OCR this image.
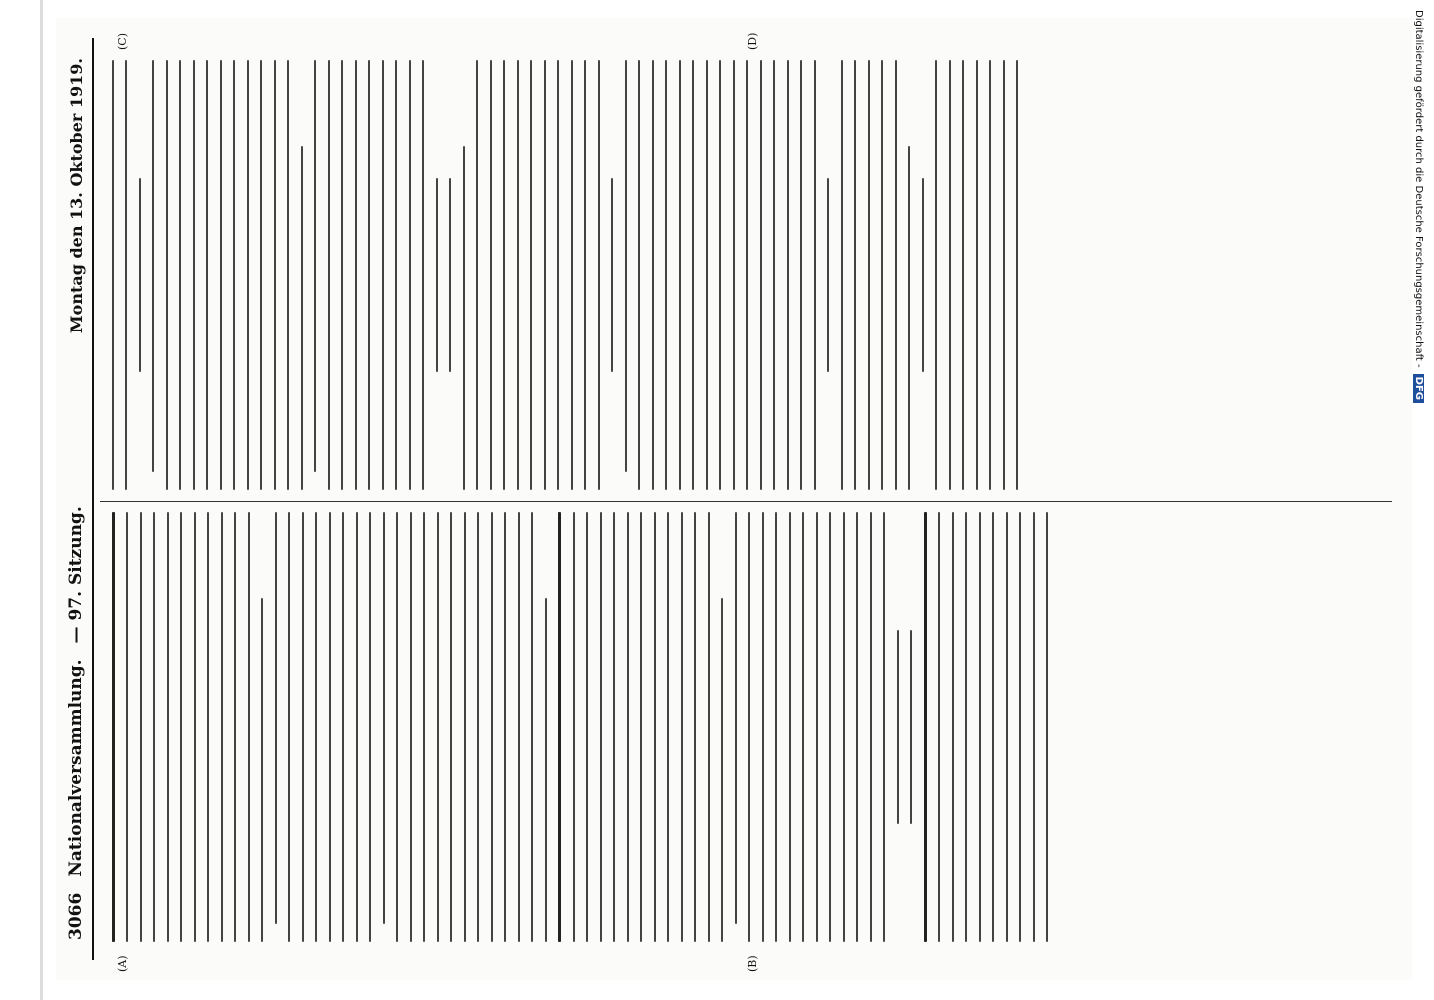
3066
Nationalversammlung.
— 97. Sitzung.
Montag den 13. Oktober 1919.
(A)	(B)
(C)	(D)	Digitalisierung gefördert durch die Deutsche Forschungsgemeinschaft -
DFG
